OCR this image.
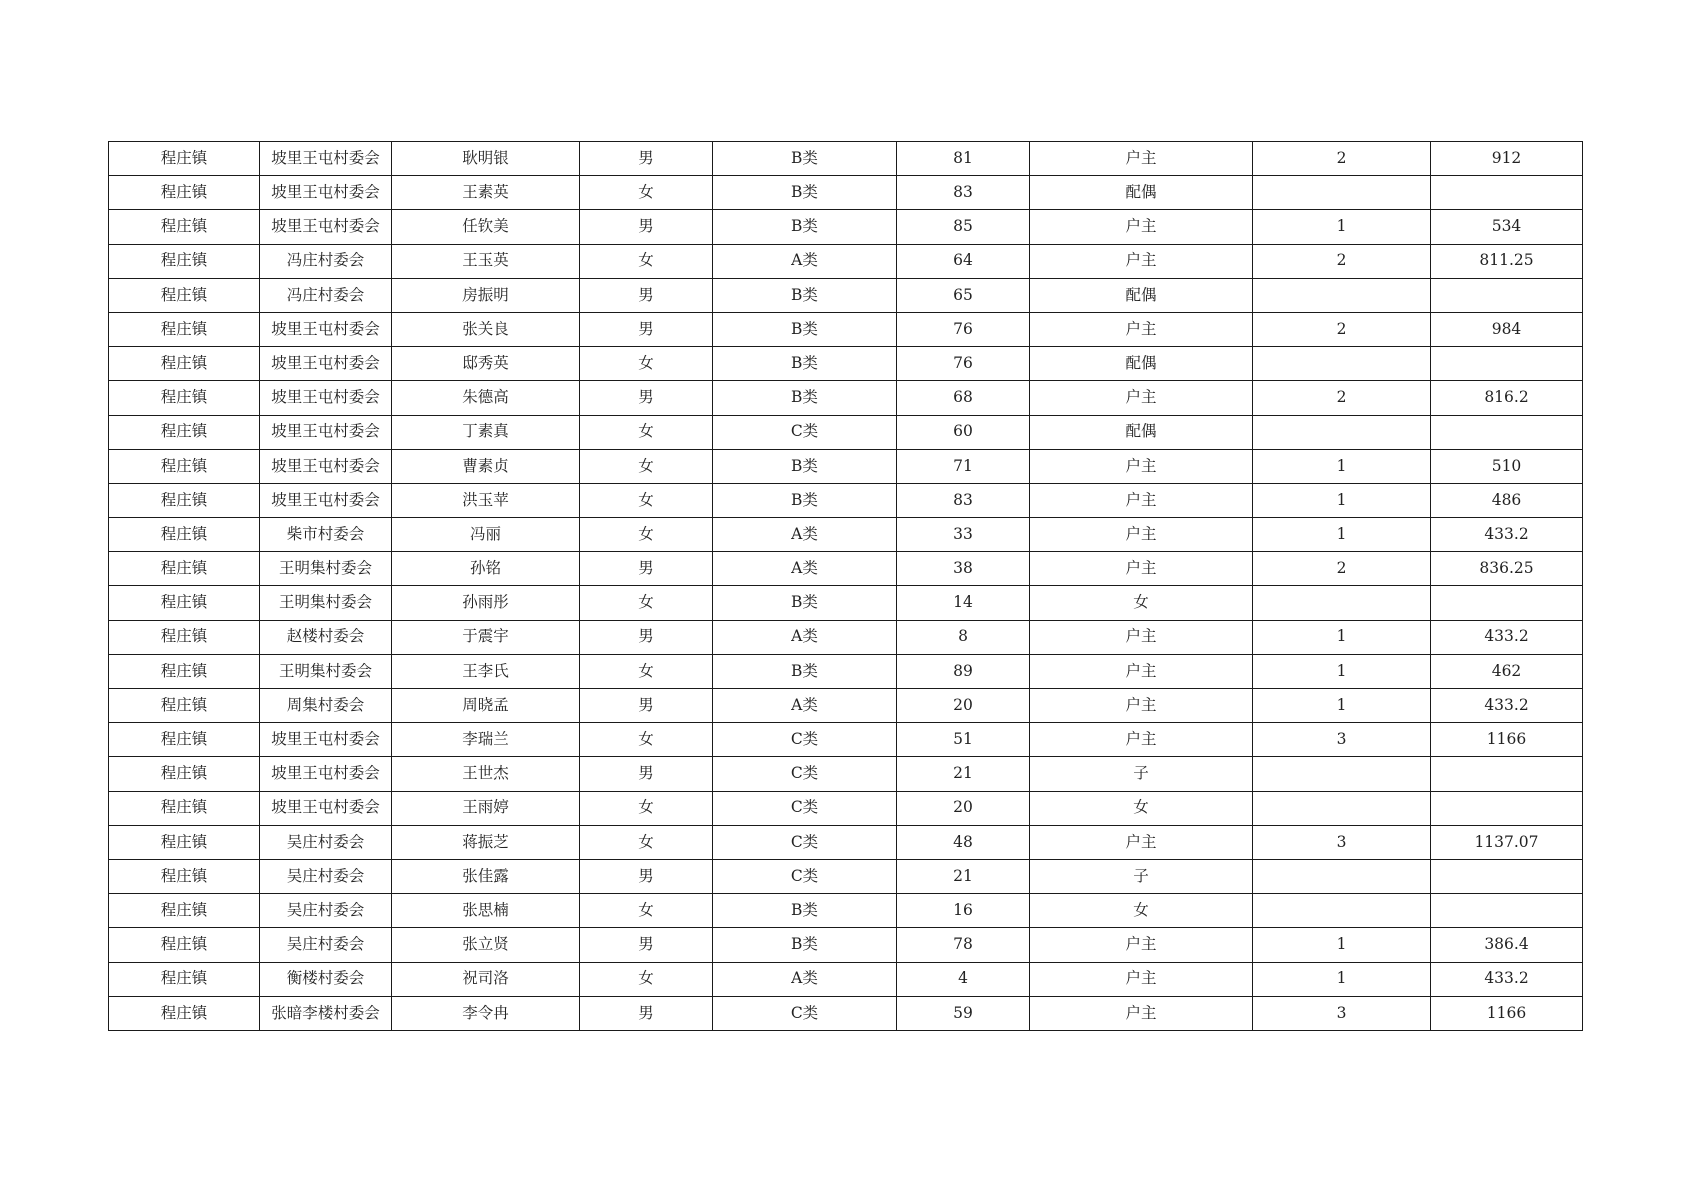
程庄镇	坡里王屯村委会	耿明银	男	B类	81	户主	2	912
程庄镇	坡里王屯村委会	王素英	女	B类	83	配偶		
程庄镇	坡里王屯村委会	任钦美	男	B类	85	户主	1	534
程庄镇	冯庄村委会	王玉英	女	A类	64	户主	2	811.25
程庄镇	冯庄村委会	房振明	男	B类	65	配偶		
程庄镇	坡里王屯村委会	张关良	男	B类	76	户主	2	984
程庄镇	坡里王屯村委会	邸秀英	女	B类	76	配偶		
程庄镇	坡里王屯村委会	朱德高	男	B类	68	户主	2	816.2
程庄镇	坡里王屯村委会	丁素真	女	C类	60	配偶		
程庄镇	坡里王屯村委会	曹素贞	女	B类	71	户主	1	510
程庄镇	坡里王屯村委会	洪玉苹	女	B类	83	户主	1	486
程庄镇	柴市村委会	冯丽	女	A类	33	户主	1	433.2
程庄镇	王明集村委会	孙铭	男	A类	38	户主	2	836.25
程庄镇	王明集村委会	孙雨彤	女	B类	14	女		
程庄镇	赵楼村委会	于震宇	男	A类	8	户主	1	433.2
程庄镇	王明集村委会	王李氏	女	B类	89	户主	1	462
程庄镇	周集村委会	周晓孟	男	A类	20	户主	1	433.2
程庄镇	坡里王屯村委会	李瑞兰	女	C类	51	户主	3	1166
程庄镇	坡里王屯村委会	王世杰	男	C类	21	子		
程庄镇	坡里王屯村委会	王雨婷	女	C类	20	女		
程庄镇	吴庄村委会	蒋振芝	女	C类	48	户主	3	1137.07
程庄镇	吴庄村委会	张佳露	男	C类	21	子		
程庄镇	吴庄村委会	张思楠	女	B类	16	女		
程庄镇	吴庄村委会	张立贤	男	B类	78	户主	1	386.4
程庄镇	衡楼村委会	祝司洛	女	A类	4	户主	1	433.2
程庄镇	张暗李楼村委会	李令冉	男	C类	59	户主	3	1166
